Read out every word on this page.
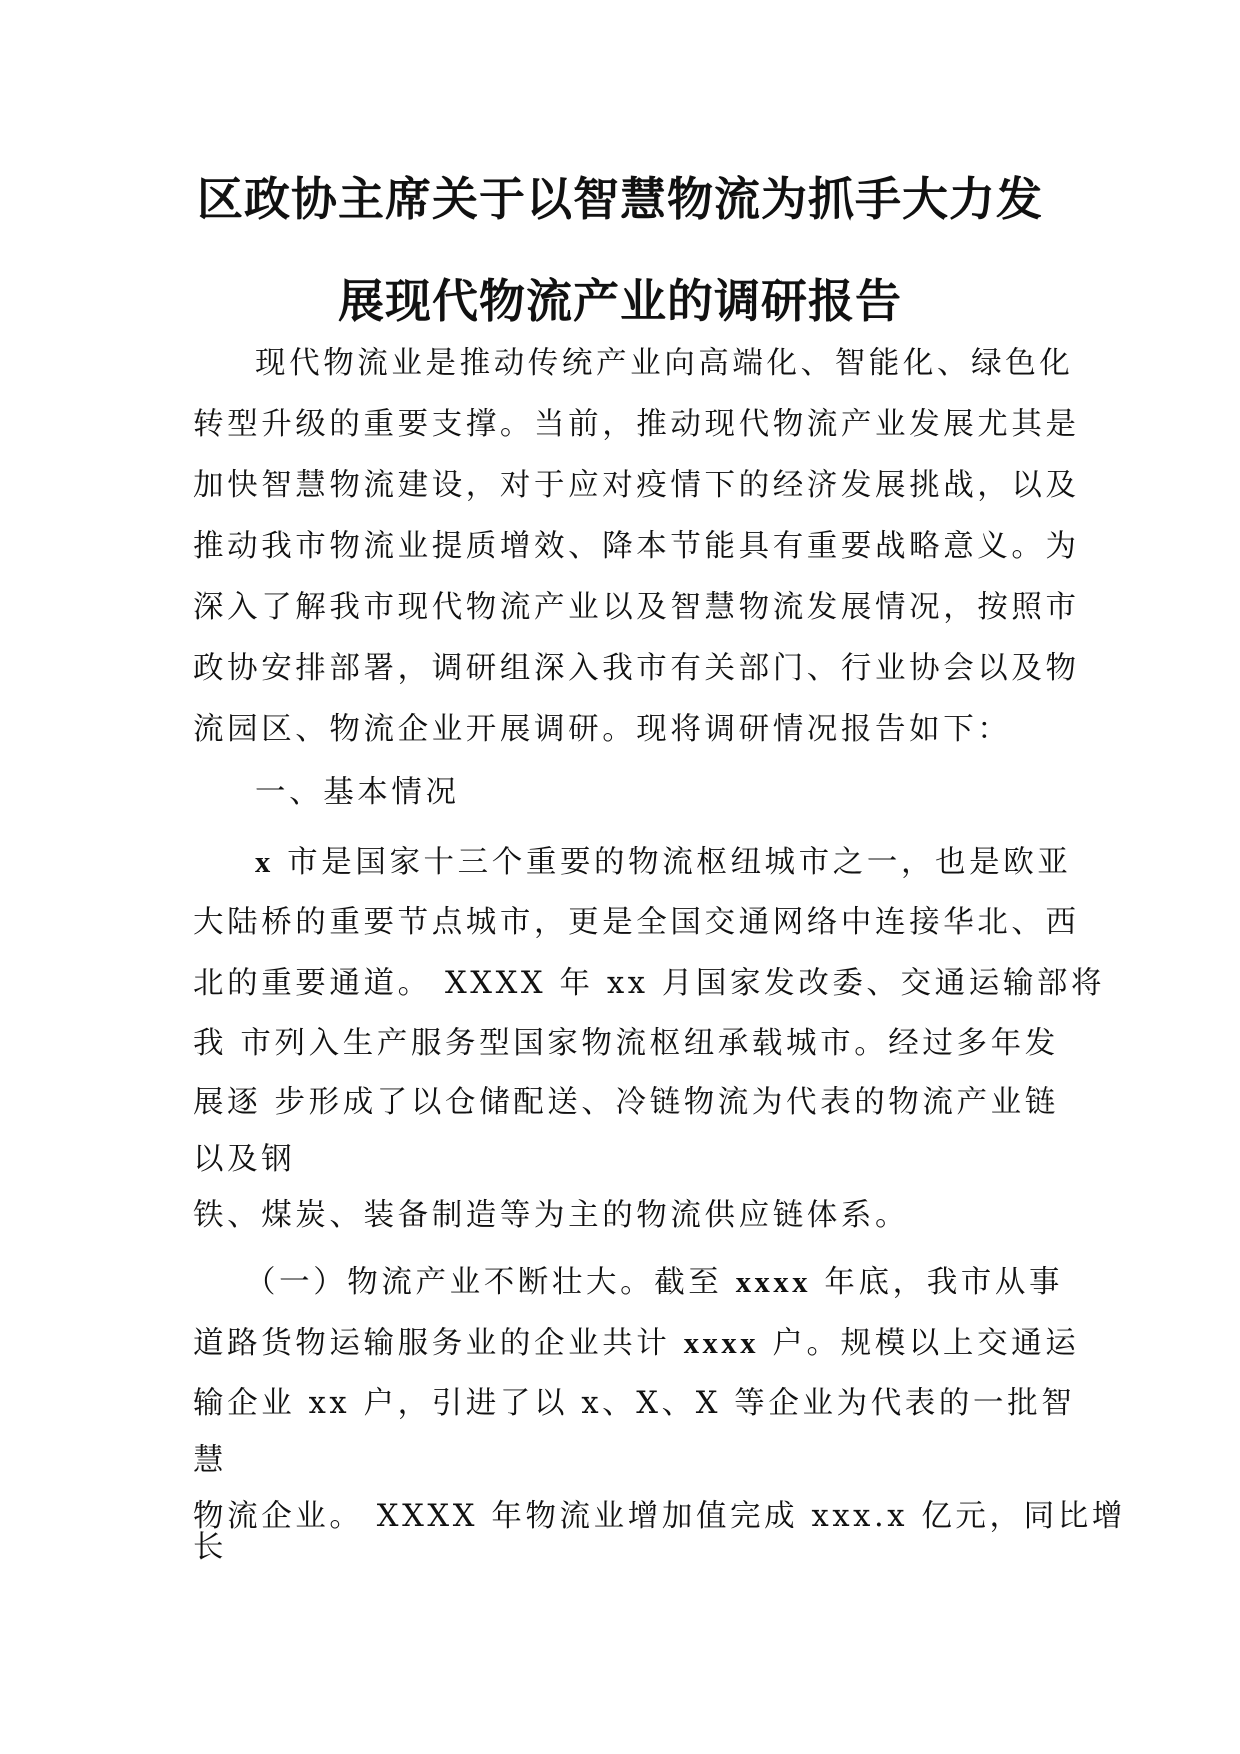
区政协主席关于以智慧物流为抓手大力发
展现代物流产业的调研报告
现代物流业是推动传统产业向高端化、智能化、绿色化
转型升级的重要支撑。当前，推动现代物流产业发展尤其是
加快智慧物流建设，对于应对疫情下的经济发展挑战，以及
推动我市物流业提质增效、降本节能具有重要战略意义。为
深入了解我市现代物流产业以及智慧物流发展情况，按照市
政协安排部署，调研组深入我市有关部门、行业协会以及物
流园区、物流企业开展调研。现将调研情况报告如下：
一、基本情况
x 市是国家十三个重要的物流枢纽城市之一，也是欧亚
大陆桥的重要节点城市，更是全国交通网络中连接华北、西
北的重要通道。 XXXX 年 xx 月国家发改委、交通运输部将
我 市列入生产服务型国家物流枢纽承载城市。经过多年发
展逐 步形成了以仓储配送、冷链物流为代表的物流产业链
以及钢
铁、煤炭、装备制造等为主的物流供应链体系。
（一）物流产业不断壮大。截至 xxxx 年底，我市从事
道路货物运输服务业的企业共计 xxxx 户。规模以上交通运
输企业 xx 户，引进了以 x、X、X 等企业为代表的一批智
慧
物流企业。 XXXX 年物流业增加值完成 xxx.x 亿元，同比增
长
